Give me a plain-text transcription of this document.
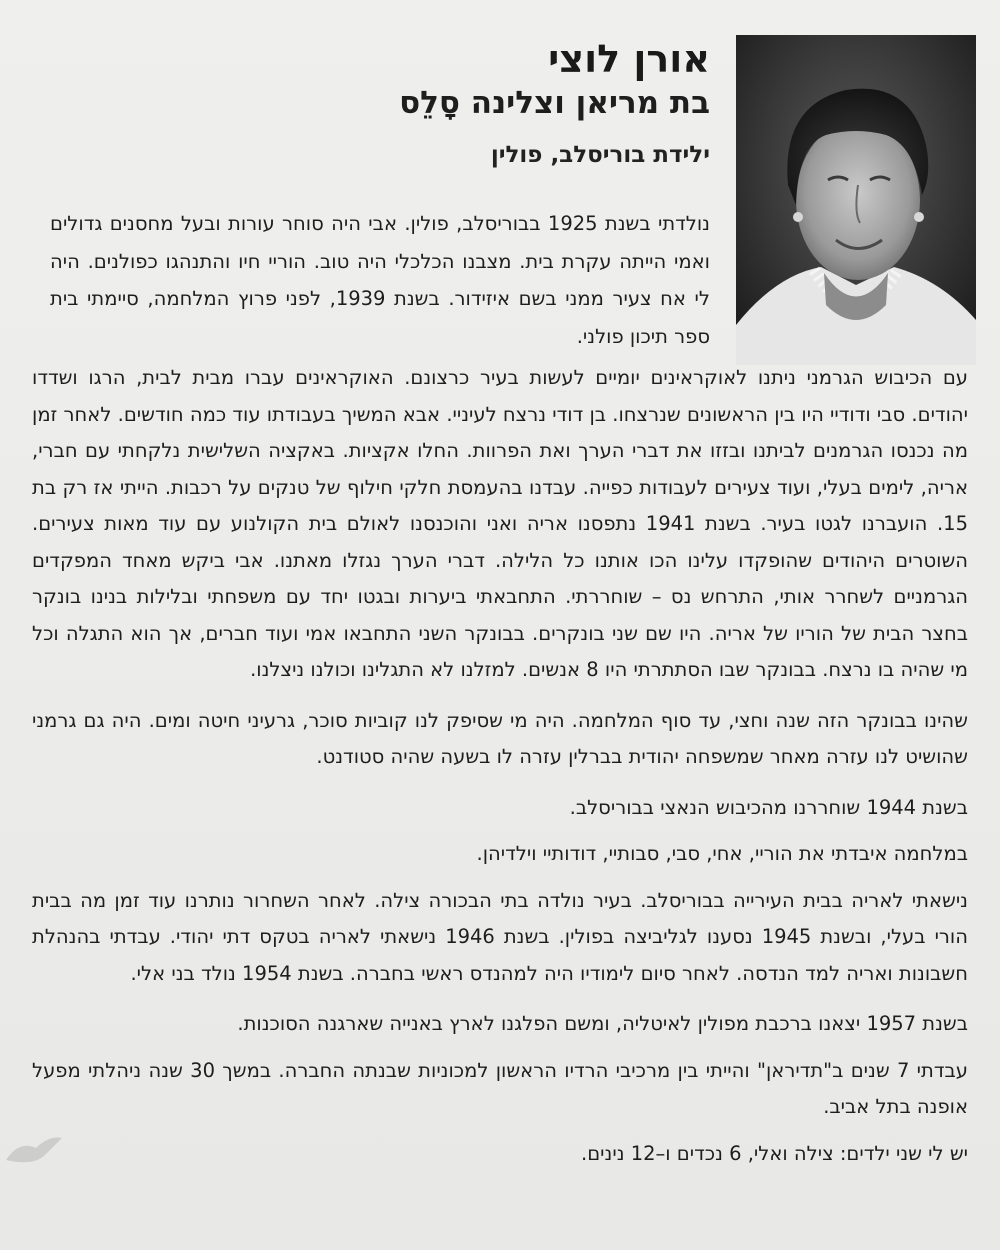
אורן לוצי
בת מריאן וצלינה סָלֵס
ילידת בוריסלב, פולין

נולדתי בשנת 1925 בבוריסלב, פולין. אבי היה סוחר עורות ובעל מחסנים גדולים ואמי הייתה עקרת בית. מצבנו הכלכלי היה טוב. הוריי חיו והתנהגו כפולנים. היה לי אח צעיר ממני בשם איזידור. בשנת 1939, לפני פרוץ המלחמה, סיימתי בית ספר תיכון פולני.

עם הכיבוש הגרמני ניתנו לאוקראינים יומיים לעשות בעיר כרצונם. האוקראינים עברו מבית לבית, הרגו ושדדו יהודים. סבי ודודיי היו בין הראשונים שנרצחו. בן דודי נרצח לעיניי. אבא המשיך בעבודתו עוד כמה חודשים. לאחר זמן מה נכנסו הגרמנים לביתנו ובזזו את דברי הערך ואת הפרוות. החלו אקציות. באקציה השלישית נלקחתי עם חברי, אריה, לימים בעלי, ועוד צעירים לעבודות כפייה. עבדנו בהעמסת חלקי חילוף של טנקים על רכבות. הייתי אז רק בת 15. הועברנו לגטו בעיר. בשנת 1941 נתפסנו אריה ואני והוכנסנו לאולם בית הקולנוע עם עוד מאות צעירים. השוטרים היהודים שהופקדו עלינו הכו אותנו כל הלילה. דברי הערך נגזלו מאתנו. אבי ביקש מאחד המפקדים הגרמניים לשחרר אותי, התרחש נס – שוחררתי. התחבאתי ביערות ובגטו יחד עם משפחתי ובלילות בנינו בונקר בחצר הבית של הוריו של אריה. היו שם שני בונקרים. בבונקר השני התחבאו אמי ועוד חברים, אך הוא התגלה וכל מי שהיה בו נרצח. בבונקר שבו הסתתרתי היו 8 אנשים. למזלנו לא התגלינו וכולנו ניצלנו.

שהינו בבונקר הזה שנה וחצי, עד סוף המלחמה. היה מי שסיפק לנו קוביות סוכר, גרעיני חיטה ומים. היה גם גרמני שהושיט לנו עזרה מאחר שמשפחה יהודית בברלין עזרה לו בשעה שהיה סטודנט.

בשנת 1944 שוחררנו מהכיבוש הנאצי בבוריסלב.

במלחמה איבדתי את הוריי, אחי, סבי, סבותיי, דודותיי וילדיהן.

נישאתי לאריה בבית העירייה בבוריסלב. בעיר נולדה בתי הבכורה צילה. לאחר השחרור נותרנו עוד זמן מה בבית הורי בעלי, ובשנת 1945 נסענו לגליביצה בפולין. בשנת 1946 נישאתי לאריה בטקס דתי יהודי. עבדתי בהנהלת חשבונות ואריה למד הנדסה. לאחר סיום לימודיו היה למהנדס ראשי בחברה. בשנת 1954 נולד בני אלי.

בשנת 1957 יצאנו ברכבת מפולין לאיטליה, ומשם הפלגנו לארץ באנייה שארגנה הסוכנות.

עבדתי 7 שנים ב"תדיראן" והייתי בין מרכיבי הרדיו הראשון למכוניות שבנתה החברה. במשך 30 שנה ניהלתי מפעל אופנה בתל אביב.

יש לי שני ילדים: צילה ואלי, 6 נכדים ו–12 נינים.
